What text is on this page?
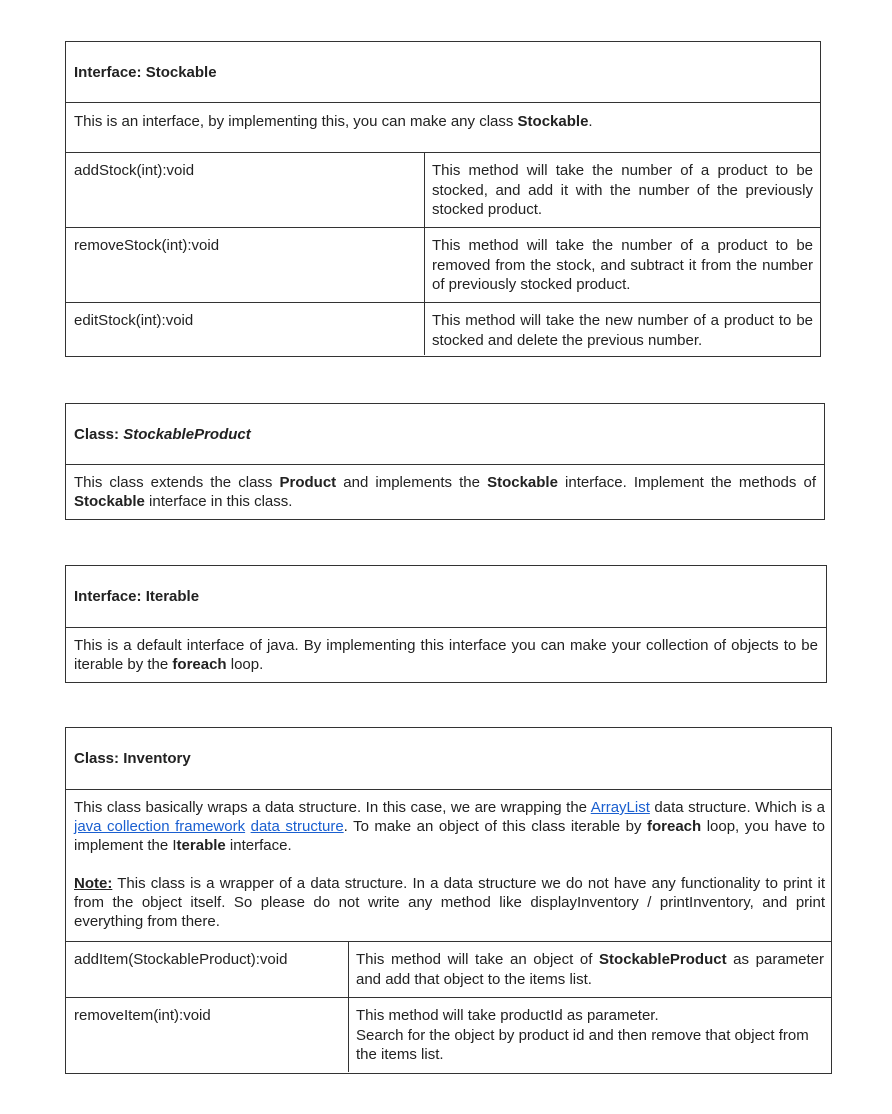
Interface: Stockable
This is an interface, by implementing this, you can make any class Stockable.
addStock(int):void	This method will take the number of a product to be stocked, and add it with the number of the previously stocked product.
removeStock(int):void	This method will take the number of a product to be removed from the stock, and subtract it from the number of previously stocked product.
editStock(int):void	This method will take the new number of a product to be stocked and delete the previous number.
Class:
StockableProduct
This class extends the class Product and implements the Stockable interface. Implement the methods of Stockable interface in this class.
Interface: Iterable
This is a default interface of java. By implementing this interface you can make your collection of objects to be iterable by the foreach loop.
Class: Inventory
This class basically wraps a data structure. In this case, we are wrapping the ArrayList data structure. Which is a java collection framework data structure. To make an object of this class iterable by foreach loop, you have to implement the Iterable interface.
Note: This class is a wrapper of a data structure. In a data structure we do not have any functionality to print it from the object itself. So please do not write any method like displayInventory / printInventory, and print everything from there.
addItem(StockableProduct):void	This method will take an object of StockableProduct as parameter and add that object to the items list.
removeItem(int):void	This method will take productId as parameter.
Search for the object by product id and then remove that object from the items list.
